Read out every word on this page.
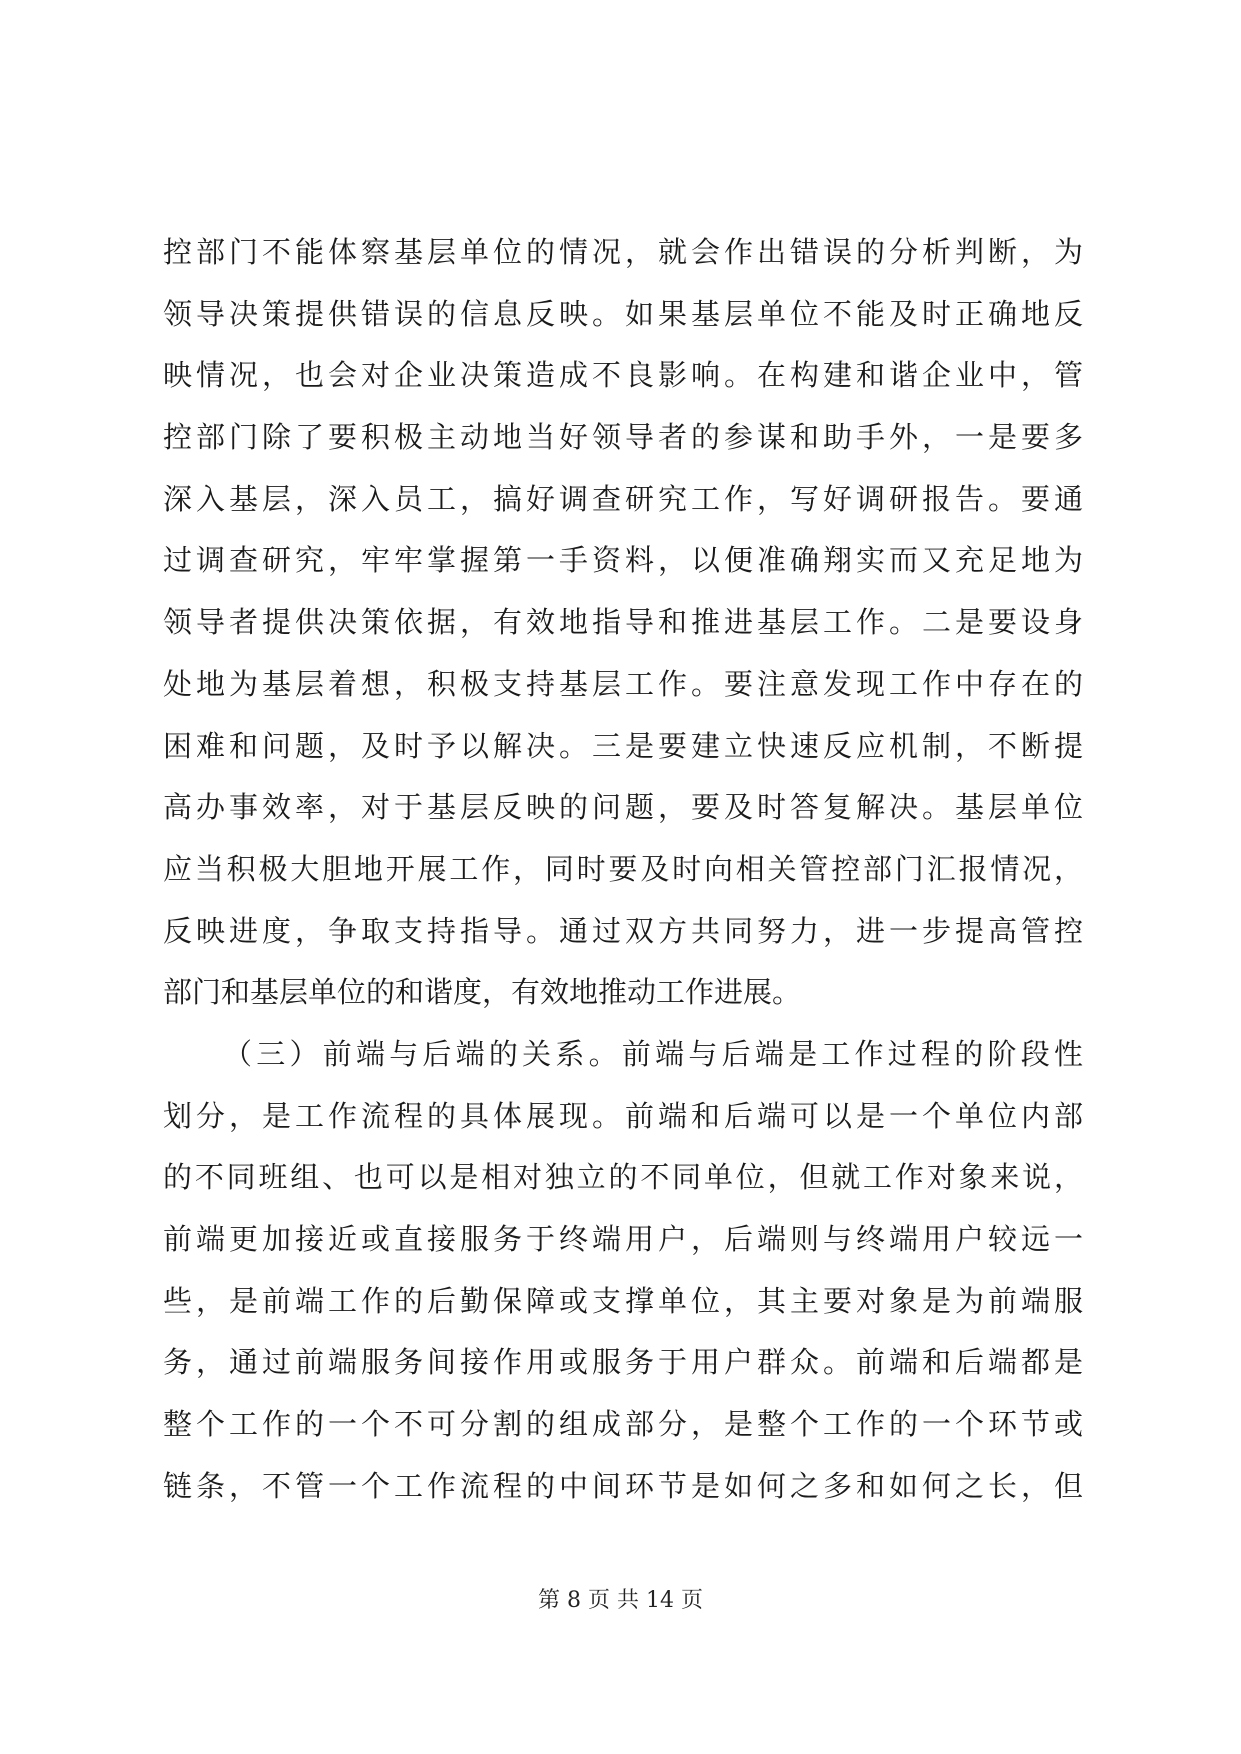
控部门不能体察基层单位的情况，就会作出错误的分析判断，为
领导决策提供错误的信息反映。如果基层单位不能及时正确地反
映情况，也会对企业决策造成不良影响。在构建和谐企业中，管
控部门除了要积极主动地当好领导者的参谋和助手外，一是要多
深入基层，深入员工，搞好调查研究工作，写好调研报告。要通
过调查研究，牢牢掌握第一手资料，以便准确翔实而又充足地为
领导者提供决策依据，有效地指导和推进基层工作。二是要设身
处地为基层着想，积极支持基层工作。要注意发现工作中存在的
困难和问题，及时予以解决。三是要建立快速反应机制，不断提
高办事效率，对于基层反映的问题，要及时答复解决。基层单位
应当积极大胆地开展工作，同时要及时向相关管控部门汇报情况，
反映进度，争取支持指导。通过双方共同努力，进一步提高管控
部门和基层单位的和谐度，有效地推动工作进展。
（三）前端与后端的关系。前端与后端是工作过程的阶段性
划分，是工作流程的具体展现。前端和后端可以是一个单位内部
的不同班组、也可以是相对独立的不同单位，但就工作对象来说，
前端更加接近或直接服务于终端用户，后端则与终端用户较远一
些，是前端工作的后勤保障或支撑单位，其主要对象是为前端服
务，通过前端服务间接作用或服务于用户群众。前端和后端都是
整个工作的一个不可分割的组成部分，是整个工作的一个环节或
链条，不管一个工作流程的中间环节是如何之多和如何之长，但
第 8 页 共 14 页
